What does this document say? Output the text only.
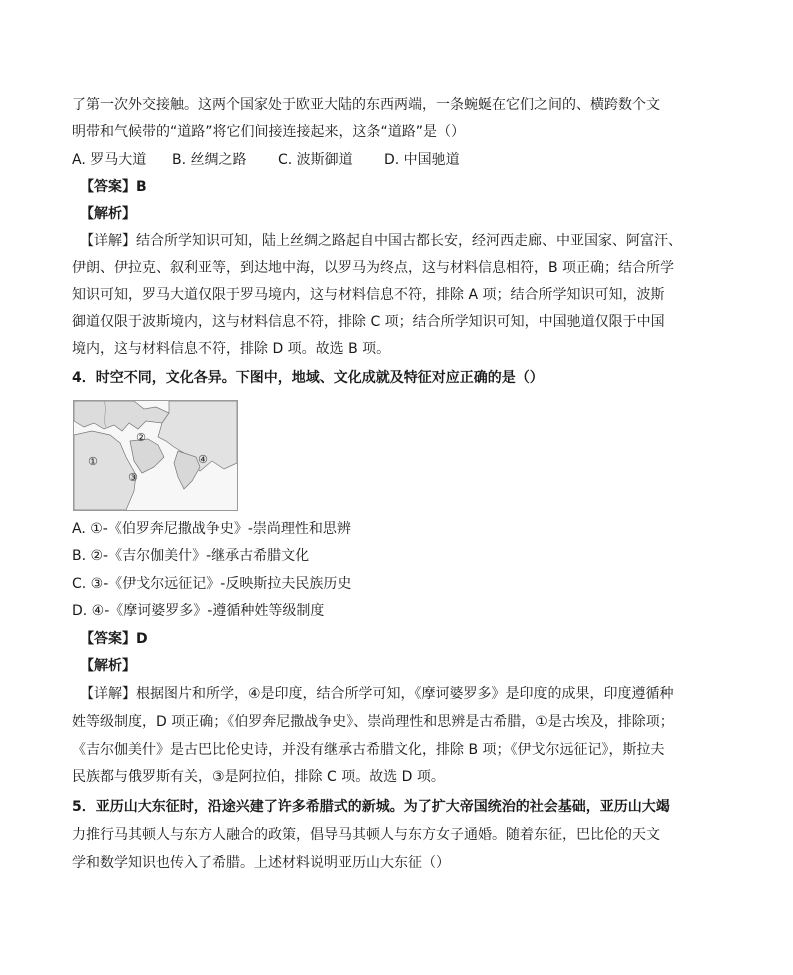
了第一次外交接触。这两个国家处于欧亚大陆的东西两端，一条蜿蜒在它们之间的、横跨数个文
明带和气候带的“道路”将它们间接连接起来，这条“道路”是（）
A. 罗马大道 B. 丝绸之路 C. 波斯御道 D. 中国驰道
【答案】B
【解析】
【详解】结合所学知识可知，陆上丝绸之路起自中国古都长安，经河西走廊、中亚国家、阿富汗、
伊朗、伊拉克、叙利亚等，到达地中海，以罗马为终点，这与材料信息相符，B 项正确；结合所学
知识可知，罗马大道仅限于罗马境内，这与材料信息不符，排除 A 项；结合所学知识可知，波斯
御道仅限于波斯境内，这与材料信息不符，排除 C 项；结合所学知识可知，中国驰道仅限于中国
境内，这与材料信息不符，排除 D 项。故选 B 项。
4．时空不同，文化各异。下图中，地域、文化成就及特征对应正确的是（）
①
②
③
④
A. ①-《伯罗奔尼撒战争史》-崇尚理性和思辨
B. ②-《吉尔伽美什》-继承古希腊文化
C. ③-《伊戈尔远征记》-反映斯拉夫民族历史
D. ④-《摩诃婆罗多》-遵循种姓等级制度
【答案】D
【解析】
【详解】根据图片和所学，④是印度，结合所学可知，《摩诃婆罗多》是印度的成果，印度遵循种
姓等级制度，D 项正确；《伯罗奔尼撒战争史》、崇尚理性和思辨是古希腊，①是古埃及，排除项；
《吉尔伽美什》是古巴比伦史诗，并没有继承古希腊文化，排除 B 项；《伊戈尔远征记》，斯拉夫
民族都与俄罗斯有关，③是阿拉伯，排除 C 项。故选 D 项。
5．亚历山大东征时，沿途兴建了许多希腊式的新城。为了扩大帝国统治的社会基础，亚历山大竭
力推行马其顿人与东方人融合的政策，倡导马其顿人与东方女子通婚。随着东征，巴比伦的天文
学和数学知识也传入了希腊。上述材料说明亚历山大东征（）
